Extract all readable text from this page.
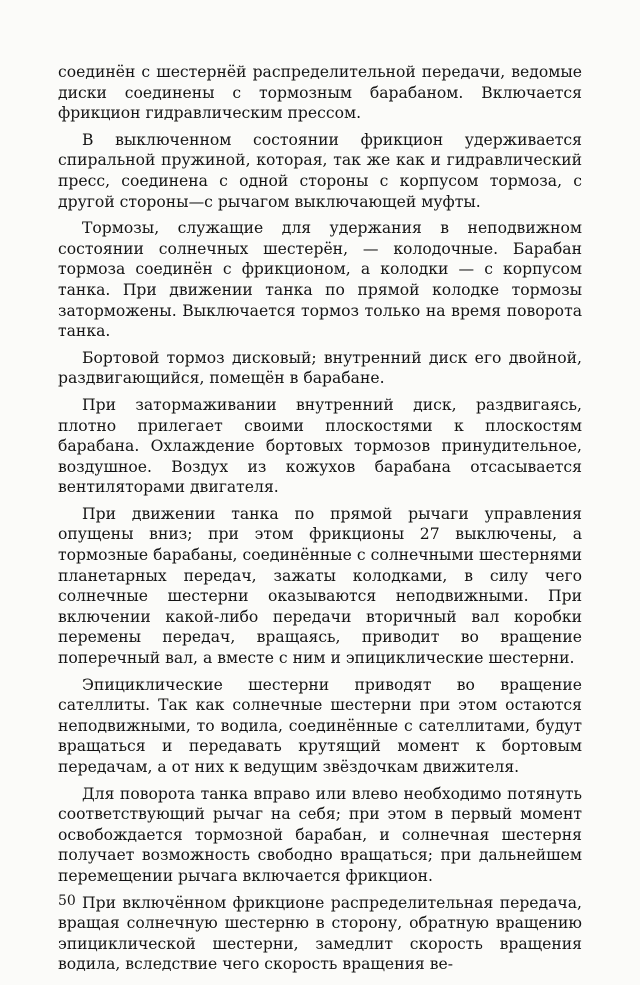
соединён с шестернёй распределительной передачи, ведомые диски соединены с тормозным барабаном. Включается фрикцион гидравлическим прессом.

В выключенном состоянии фрикцион удерживается спиральной пружиной, которая, так же как и гидравлический пресс, соединена с одной стороны с корпусом тормоза, с другой стороны—с рычагом выключающей муфты.

Тормозы, служащие для удержания в неподвижном состоянии солнечных шестерён, — колодочные. Барабан тормоза соединён с фрикционом, а колодки — с корпусом танка. При движении танка по прямой колодке тормозы заторможены. Выключается тормоз только на время поворота танка.

Бортовой тормоз дисковый; внутренний диск его двойной, раздвигающийся, помещён в барабане.

При затормаживании внутренний диск, раздвигаясь, плотно прилегает своими плоскостями к плоскостям барабана. Охлаждение бортовых тормозов принудительное, воздушное. Воздух из кожухов барабана отсасывается вентиляторами двигателя.

При движении танка по прямой рычаги управления опущены вниз; при этом фрикционы 27 выключены, а тормозные барабаны, соединённые с солнечными шестернями планетарных передач, зажаты колодками, в силу чего солнечные шестерни оказываются неподвижными. При включении какой-либо передачи вторичный вал коробки перемены передач, вращаясь, приводит во вращение поперечный вал, а вместе с ним и эпициклические шестерни.

Эпициклические шестерни приводят во вращение сателлиты. Так как солнечные шестерни при этом остаются неподвижными, то водила, соединённые с сателлитами, будут вращаться и передавать крутящий момент к бортовым передачам, а от них к ведущим звёздочкам движителя.

Для поворота танка вправо или влево необходимо потянуть соответствующий рычаг на себя; при этом в первый момент освобождается тормозной барабан, и солнечная шестерня получает возможность свободно вращаться; при дальнейшем перемещении рычага включается фрикцион.

При включённом фрикционе распределительная передача, вращая солнечную шестерню в сторону, обратную вращению эпициклической шестерни, замедлит скорость вращения водила, вследствие чего скорость вращения ве-

50
